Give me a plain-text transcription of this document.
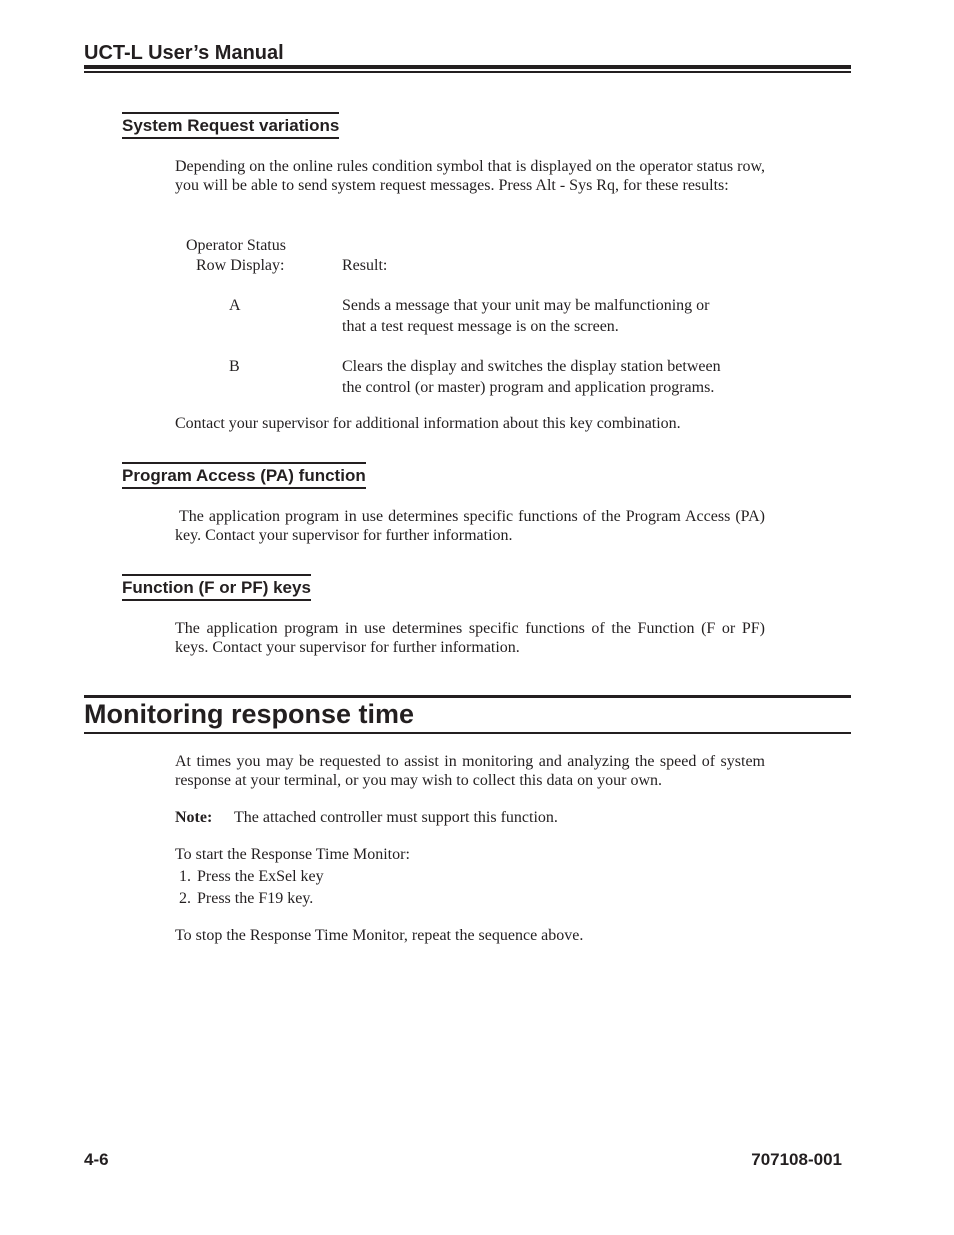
UCT-L User’s Manual
System Request variations
Depending on the online rules condition symbol that is displayed on the operator status row, you will be able to send system request messages. Press Alt - Sys Rq, for these results:
Operator Status
Row Display:	Result:
A	Sends a message that your unit may be malfunctioning or
that a test request message is on the screen.
B	Clears the display and switches the display station between
the control (or master) program and application programs.
Contact your supervisor for additional information about this key combination.
Program Access (PA) function
The application program in use determines specific functions of the Program Access (PA) key. Contact your supervisor for further information.
Function (F or PF) keys
The application program in use determines specific functions of the Function (F or PF) keys. Contact your supervisor for further information.
Monitoring response time
At times you may be requested to assist in monitoring and analyzing the speed of system response at your terminal, or you may wish to collect this data on your own.
Note: The attached controller must support this function.
To start the Response Time Monitor:
1. Press the ExSel key
2. Press the F19 key.
To stop the Response Time Monitor, repeat the sequence above.
4-6	707108-001
